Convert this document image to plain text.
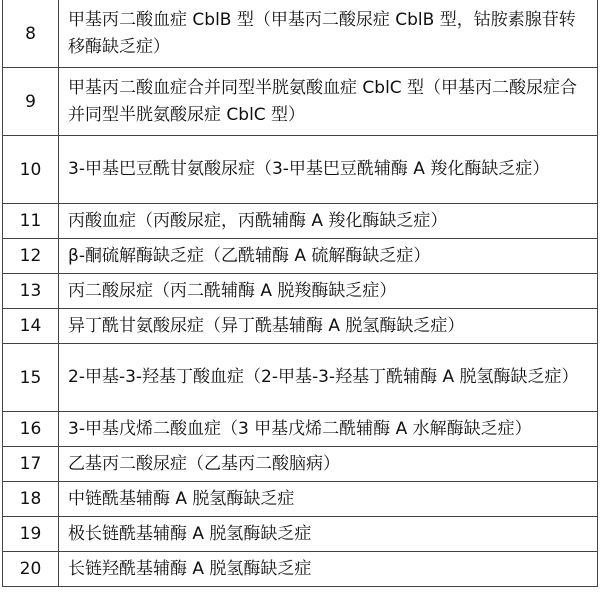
8	甲基丙二酸血症 CblB 型（甲基丙二酸尿症 CblB 型，钴胺素腺苷转移酶缺乏症）
9	甲基丙二酸血症合并同型半胱氨酸血症 CblC 型（甲基丙二酸尿症合并同型半胱氨酸尿症 CblC 型）
10	3-甲基巴豆酰甘氨酸尿症（3-甲基巴豆酰辅酶 A 羧化酶缺乏症）
11	丙酸血症（丙酸尿症，丙酰辅酶 A 羧化酶缺乏症）
12	β-酮硫解酶缺乏症（乙酰辅酶 A 硫解酶缺乏症）
13	丙二酸尿症（丙二酰辅酶 A 脱羧酶缺乏症）
14	异丁酰甘氨酸尿症（异丁酰基辅酶 A 脱氢酶缺乏症）
15	2-甲基-3-羟基丁酸血症（2-甲基-3-羟基丁酰辅酶 A 脱氢酶缺乏症）
16	3-甲基戊烯二酸血症（3 甲基戊烯二酰辅酶 A 水解酶缺乏症）
17	乙基丙二酸尿症（乙基丙二酸脑病）
18	中链酰基辅酶 A 脱氢酶缺乏症
19	极长链酰基辅酶 A 脱氢酶缺乏症
20	长链羟酰基辅酶 A 脱氢酶缺乏症
